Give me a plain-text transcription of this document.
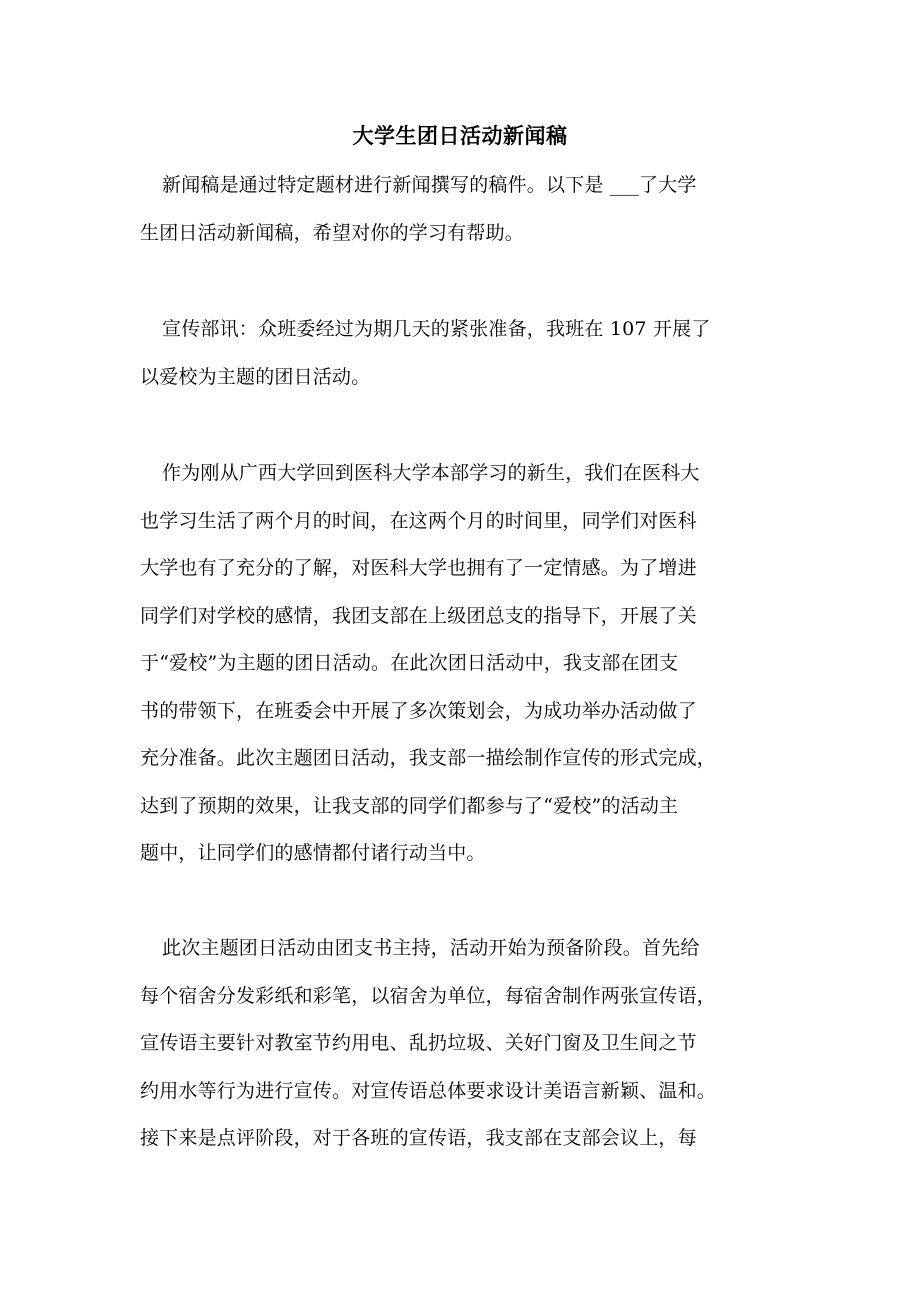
大学生团日活动新闻稿
新闻稿是通过特定题材进行新闻撰写的稿件。以下是 ___了大学
生团日活动新闻稿，希望对你的学习有帮助。
宣传部讯：众班委经过为期几天的紧张准备，我班在 107 开展了
以爱校为主题的团日活动。
作为刚从广西大学回到医科大学本部学习的新生，我们在医科大
也学习生活了两个月的时间，在这两个月的时间里，同学们对医科
大学也有了充分的了解，对医科大学也拥有了一定情感。为了增进
同学们对学校的感情，我团支部在上级团总支的指导下，开展了关
于“爱校”为主题的团日活动。在此次团日活动中，我支部在团支
书的带领下，在班委会中开展了多次策划会，为成功举办活动做了
充分准备。此次主题团日活动，我支部一描绘制作宣传的形式完成，
达到了预期的效果，让我支部的同学们都参与了“爱校”的活动主
题中，让同学们的感情都付诸行动当中。
此次主题团日活动由团支书主持，活动开始为预备阶段。首先给
每个宿舍分发彩纸和彩笔，以宿舍为单位，每宿舍制作两张宣传语，
宣传语主要针对教室节约用电、乱扔垃圾、关好门窗及卫生间之节
约用水等行为进行宣传。对宣传语总体要求设计美语言新颖、温和。
接下来是点评阶段，对于各班的宣传语，我支部在支部会议上，每
